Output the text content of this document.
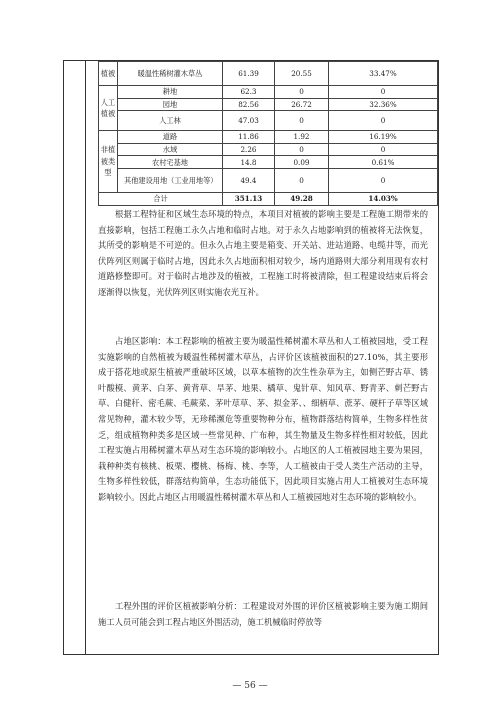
植被	暖温性稀树灌木草丛	61.39	20.55	33.47%
人工植被	耕地	62.3	0	0
	园地	82.56	26.72	32.36%
	人工林	47.03	0	0
非植被类型	道路	11.86	1.92	16.19%
	水域	2.26	0	0
	农村宅基地	14.8	0.09	0.61%
	其他建设用地（工业用地等）	49.4	0	0
合计		351.13	49.28	14.03%

根据工程特征和区域生态环境的特点，本项目对植被的影响主要是工程施工期带来的直接影响，包括工程施工永久占地和临时占地。对于永久占地影响到的植被将无法恢复，其所受的影响是不可逆的。但永久占地主要是箱变、开关站、进站道路、电缆井等，而光伏阵列区则属于临时占地，因此永久占地面积相对较少，场内道路则大部分利用现有农村道路修整即可。对于临时占地涉及的植被，工程施工时将被清除，但工程建设结束后将会逐渐得以恢复，光伏阵列区则实施农光互补。

占地区影响：本工程影响的植被主要为暖温性稀树灌木草丛和人工植被园地，受工程实施影响的自然植被为暖温性稀树灌木草丛，占评价区该植被面积的27.10%，其主要形成于搭花地或原生植被严重破坏区域，以草本植物的次生性杂草为主，如侧芒野古草、锈叶酸模、黄茅、白茅、黄背草、旱茅、地果、橘草、鬼针草、知风草、野青茅、刺芒野古草、白健秆、密毛蕨、毛蕨菜、茅叶荩草、茅、拟金茅、、细柄草、蔗茅、硬杆子草等区域常见物种，灌木较少等，无珍稀濒危等重要物种分布，植物群落结构简单，生物多样性贫乏，组成植物种类多是区域一些常见种、广布种，其生物量及生物多样性相对较低，因此工程实施占用稀树灌木草丛对生态环境的影响较小。占地区的人工植被园地主要为果园，栽种种类有核桃、板栗、樱桃、杨梅、桃、李等，人工植被由于受人类生产活动的主导，生物多样性较低，群落结构简单，生态功能低下，因此项目实施占用人工植被对生态环境影响较小。因此占地区占用暖温性稀树灌木草丛和人工植被园地对生态环境的影响较小。

工程外围的评价区植被影响分析：工程建设对外围的评价区植被影响主要为施工期间施工人员可能会到工程占地区外围活动，施工机械临时停放等

— 56 —
